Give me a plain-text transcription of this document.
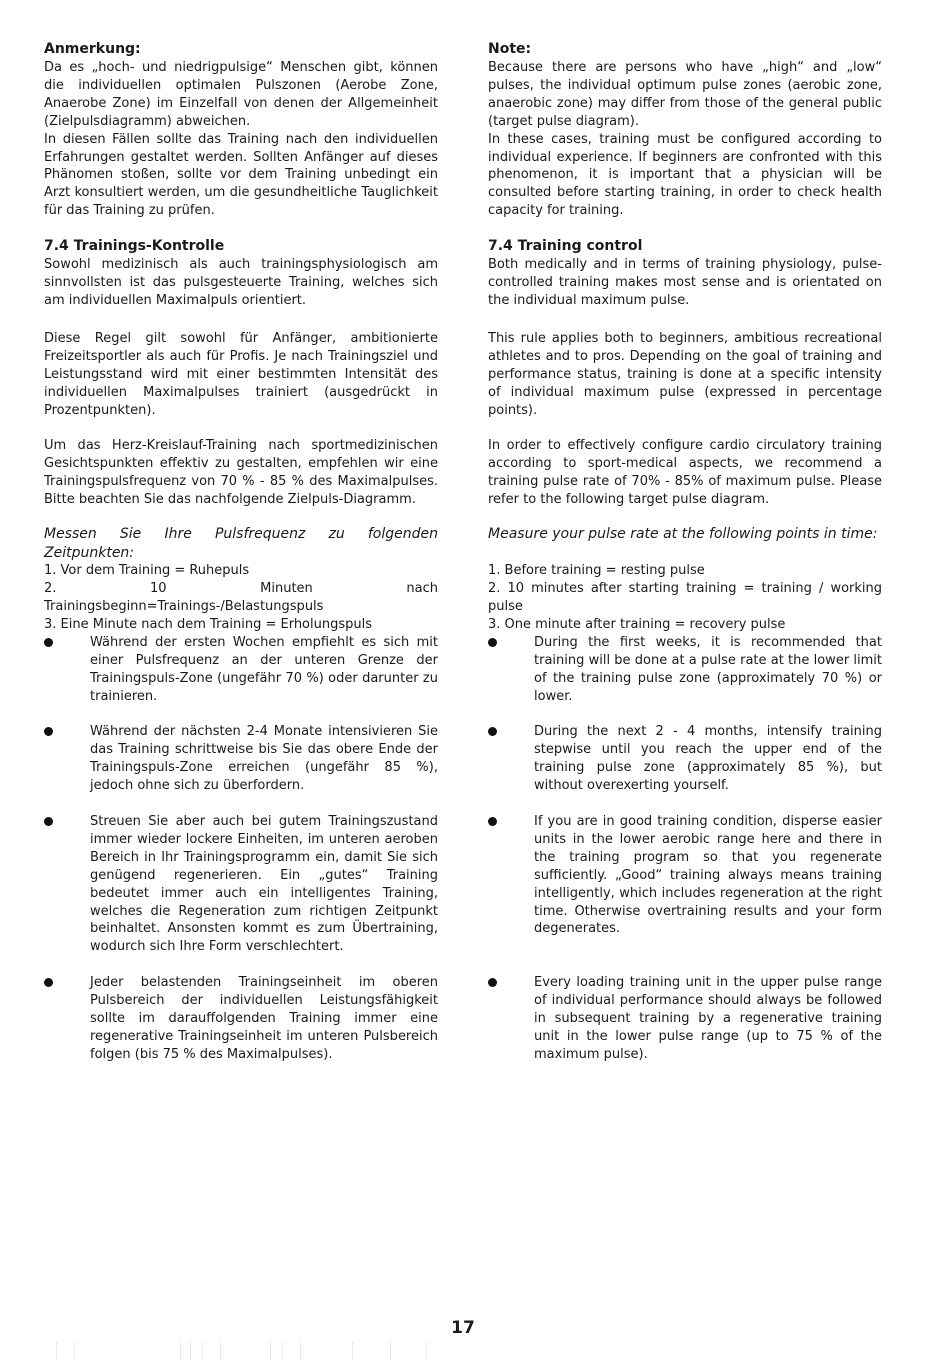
Anmerkung:

Da es „hoch- und niedrigpulsige“ Menschen gibt, können die individuellen optimalen Pulszonen (Aerobe Zone, Anaerobe Zone) im Einzelfall von denen der Allgemeinheit (Zielpulsdiagramm) abweichen.

In diesen Fällen sollte das Training nach den individuellen Erfahrungen gestaltet werden. Sollten Anfänger auf dieses Phänomen stoßen, sollte vor dem Training unbedingt ein Arzt konsultiert werden, um die gesundheitliche Tauglichkeit für das Training zu prüfen.

7.4 Trainings-Kontrolle

Sowohl medizinisch als auch trainingsphysiologisch am sinnvollsten ist das pulsgesteuerte Training, welches sich am individuellen Maximalpuls orientiert.

Diese Regel gilt sowohl für Anfänger, ambitionierte Freizeitsportler als auch für Profis. Je nach Trainingsziel und Leistungsstand wird mit einer bestimmten Intensität des individuellen Maximalpulses trainiert (ausgedrückt in Prozentpunkten).

Um das Herz-Kreislauf-Training nach sportmedizinischen Gesichtspunkten effektiv zu gestalten, empfehlen wir eine Trainingspulsfrequenz von 70 % - 85 % des Maximalpulses. Bitte beachten Sie das nachfolgende Zielpuls-Diagramm.

Messen Sie Ihre Pulsfrequenz zu folgenden Zeitpunkten:

1. Vor dem Training = Ruhepuls

2. 10 Minuten nach Trainingsbeginn=Trainings-/Belastungspuls

3. Eine Minute nach dem Training = Erholungspuls

Während der ersten Wochen empfiehlt es sich mit einer Pulsfrequenz an der unteren Grenze der Trainingspuls-Zone (ungefähr 70 %) oder darunter zu trainieren.

Während der nächsten 2-4 Monate intensivieren Sie das Training schrittweise bis Sie das obere Ende der Trainingspuls-Zone erreichen (ungefähr 85 %), jedoch ohne sich zu überfordern.

Streuen Sie aber auch bei gutem Trainingszustand immer wieder lockere Einheiten, im unteren aeroben Bereich in Ihr Trainingsprogramm ein, damit Sie sich genügend regenerieren. Ein „gutes“ Training bedeutet immer auch ein intelligentes Training, welches die Regeneration zum richtigen Zeitpunkt beinhaltet. Ansonsten kommt es zum Übertraining, wodurch sich Ihre Form verschlechtert.

Jeder belastenden Trainingseinheit im oberen Pulsbereich der individuellen Leistungsfähigkeit sollte im darauffolgenden Training immer eine regenerative Trainingseinheit im unteren Pulsbereich folgen (bis 75 % des Maximalpulses).

Note:

Because there are persons who have „high“ and „low“ pulses, the individual optimum pulse zones (aerobic zone, anaerobic zone) may differ from those of the general public (target pulse diagram).

In these cases, training must be configured according to individual experience. If beginners are confronted with this phenomenon, it is important that a physician will be consulted before starting training, in order to check health capacity for training.

7.4 Training control

Both medically and in terms of training physiology, pulse-controlled training makes most sense and is orientated on the individual maximum pulse.

This rule applies both to beginners, ambitious recreational athletes and to pros. Depending on the goal of training and performance status, training is done at a specific intensity of individual maximum pulse (expressed in percentage points).

In order to effectively configure cardio circulatory training according to sport-medical aspects, we recommend a training pulse rate of 70% - 85% of maximum pulse. Please refer to the following target pulse diagram.

Measure your pulse rate at the following points in time:

1. Before training = resting pulse

2. 10 minutes after starting training = training / working pulse

3. One minute after training = recovery pulse

During the first weeks, it is recommended that training will be done at a pulse rate at the lower limit of the training pulse zone (approximately 70 %) or lower.

During the next 2 - 4 months, intensify training stepwise until you reach the upper end of the training pulse zone (approximately 85 %), but without overexerting yourself.

If you are in good training condition, disperse easier units in the lower aerobic range here and there in the training program so that you regenerate sufficiently. „Good“ training always means training intelligently, which includes regeneration at the right time. Otherwise overtraining results and your form degenerates.

Every loading training unit in the upper pulse range of individual performance should always be followed in subsequent training by a regenerative training unit in the lower pulse range (up to 75 % of the maximum pulse).

17
